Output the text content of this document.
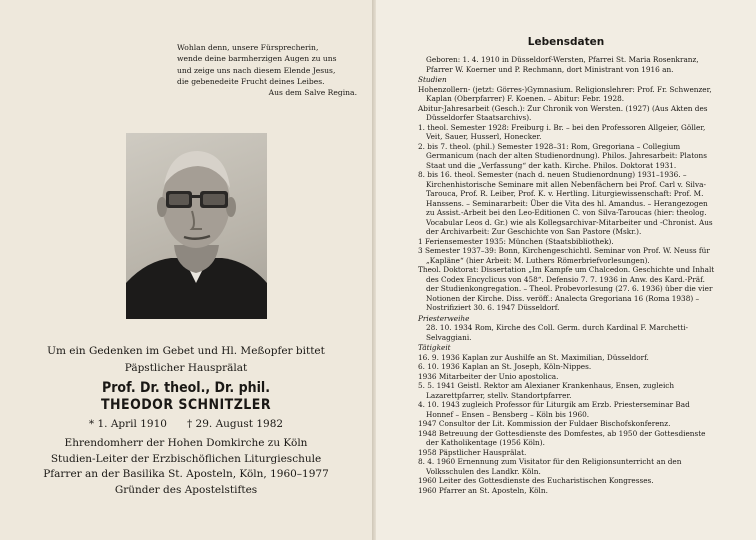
Wohlan denn, unsere Fürsprecherin,
wende deine barmherzigen Augen zu uns
und zeige uns nach diesem Elende Jesus,
die gebenedeite Frucht deines Leibes.
Aus dem Salve Regina.
Um ein Gedenken im Gebet und Hl. Meßopfer bittet
Päpstlicher Hausprälat
Prof. Dr. theol., Dr. phil.
THEODOR SCHNITZLER
* 1. April 1910      † 29. August 1982
Ehrendomherr der Hohen Domkirche zu Köln
Studien-Leiter der Erzbischöflichen Liturgieschule
Pfarrer an der Basilika St. Aposteln, Köln, 1960–1977
Gründer des Apostelstiftes
Lebensdaten

Geboren: 1. 4. 1910 in Düsseldorf-Wersten, Pfarrei St. Maria Rosenkranz, Pfarrer W. Koerner und P. Rechmann, dort Ministrant von 1916 an.

Studien

Hohenzollern- (jetzt: Görres-)Gymnasium. Religionslehrer: Prof. Fr. Schwenzer, Kaplan (Oberpfarrer) F. Koenen. – Abitur: Febr. 1928.

Abitur-Jahresarbeit (Gesch.): Zur Chronik von Wersten. (1927) (Aus Akten des Düsseldorfer Staatsarchivs).

1. theol. Semester 1928: Freiburg i. Br. – bei den Professoren Allgeier, Göller, Veit, Sauer, Husserl, Honecker.

2. bis 7. theol. (phil.) Semester 1928–31: Rom, Gregoriana – Collegium Germanicum (nach der alten Studienordnung). Philos. Jahresarbeit: Platons Staat und die „Verfassung“ der kath. Kirche. Philos. Doktorat 1931.

8. bis 16. theol. Semester (nach d. neuen Studienordnung) 1931–1936. – Kirchenhistorische Seminare mit allen Nebenfächern bei Prof. Carl v. Silva-Tarouca, Prof. R. Leiber, Prof. K. v. Hertling. Liturgiewissenschaft: Prof. M. Hanssens. – Seminararbeit: Über die Vita des hl. Amandus. – Herangezogen zu Assist.-Arbeit bei den Leo-Editionen C. von Silva-Taroucas (hier: theolog. Vocabular Leos d. Gr.) wie als Kollegsarchivar-Mitarbeiter und -Chronist. Aus der Archivarbeit: Zur Geschichte von San Pastore (Mskr.).

1 Feriensemester 1935: München (Staatsbibliothek).

3 Semester 1937–39: Bonn, Kirchengeschichtl. Seminar von Prof. W. Neuss für „Kapläne“ (hier Arbeit: M. Luthers Römerbriefvorlesungen).

Theol. Doktorat: Dissertation „Im Kampfe um Chalcedon. Geschichte und Inhalt des Codex Encyclicus von 458“. Defensio 7. 7. 1936 in Anw. des Kard.-Präf. der Studienkongregation. – Theol. Probevorlesung (27. 6. 1936) über die vier Notionen der Kirche. Diss. veröff.: Analecta Gregoriana 16 (Roma 1938) – Nostrifiziert 30. 6. 1947 Düsseldorf.

Priesterweihe

28. 10. 1934 Rom, Kirche des Coll. Germ. durch Kardinal F. Marchetti-Selvaggiani.

Tätigkeit

16. 9. 1936 Kaplan zur Aushilfe an St. Maximilian, Düsseldorf.

6. 10. 1936 Kaplan an St. Joseph, Köln-Nippes.

1936 Mitarbeiter der Unio apostolica.

5. 5. 1941 Geistl. Rektor am Alexianer Krankenhaus, Ensen, zugleich Lazarettpfarrer, stellv. Standortpfarrer.

4. 10. 1943 zugleich Professor für Liturgik am Erzb. Priesterseminar Bad Honnef – Ensen – Bensberg – Köln bis 1960.

1947 Consultor der Lit. Kommission der Fuldaer Bischofskonferenz.

1948 Betreuung der Gottesdienste des Domfestes, ab 1950 der Gottesdienste der Katholikentage (1956 Köln).

1958 Päpstlicher Hausprälat.

8. 4. 1960 Ernennung zum Visitator für den Religionsunterricht an den Volksschulen des Landkr. Köln.

1960 Leiter des Gottesdienste des Eucharistischen Kongresses.

1960 Pfarrer an St. Aposteln, Köln.
